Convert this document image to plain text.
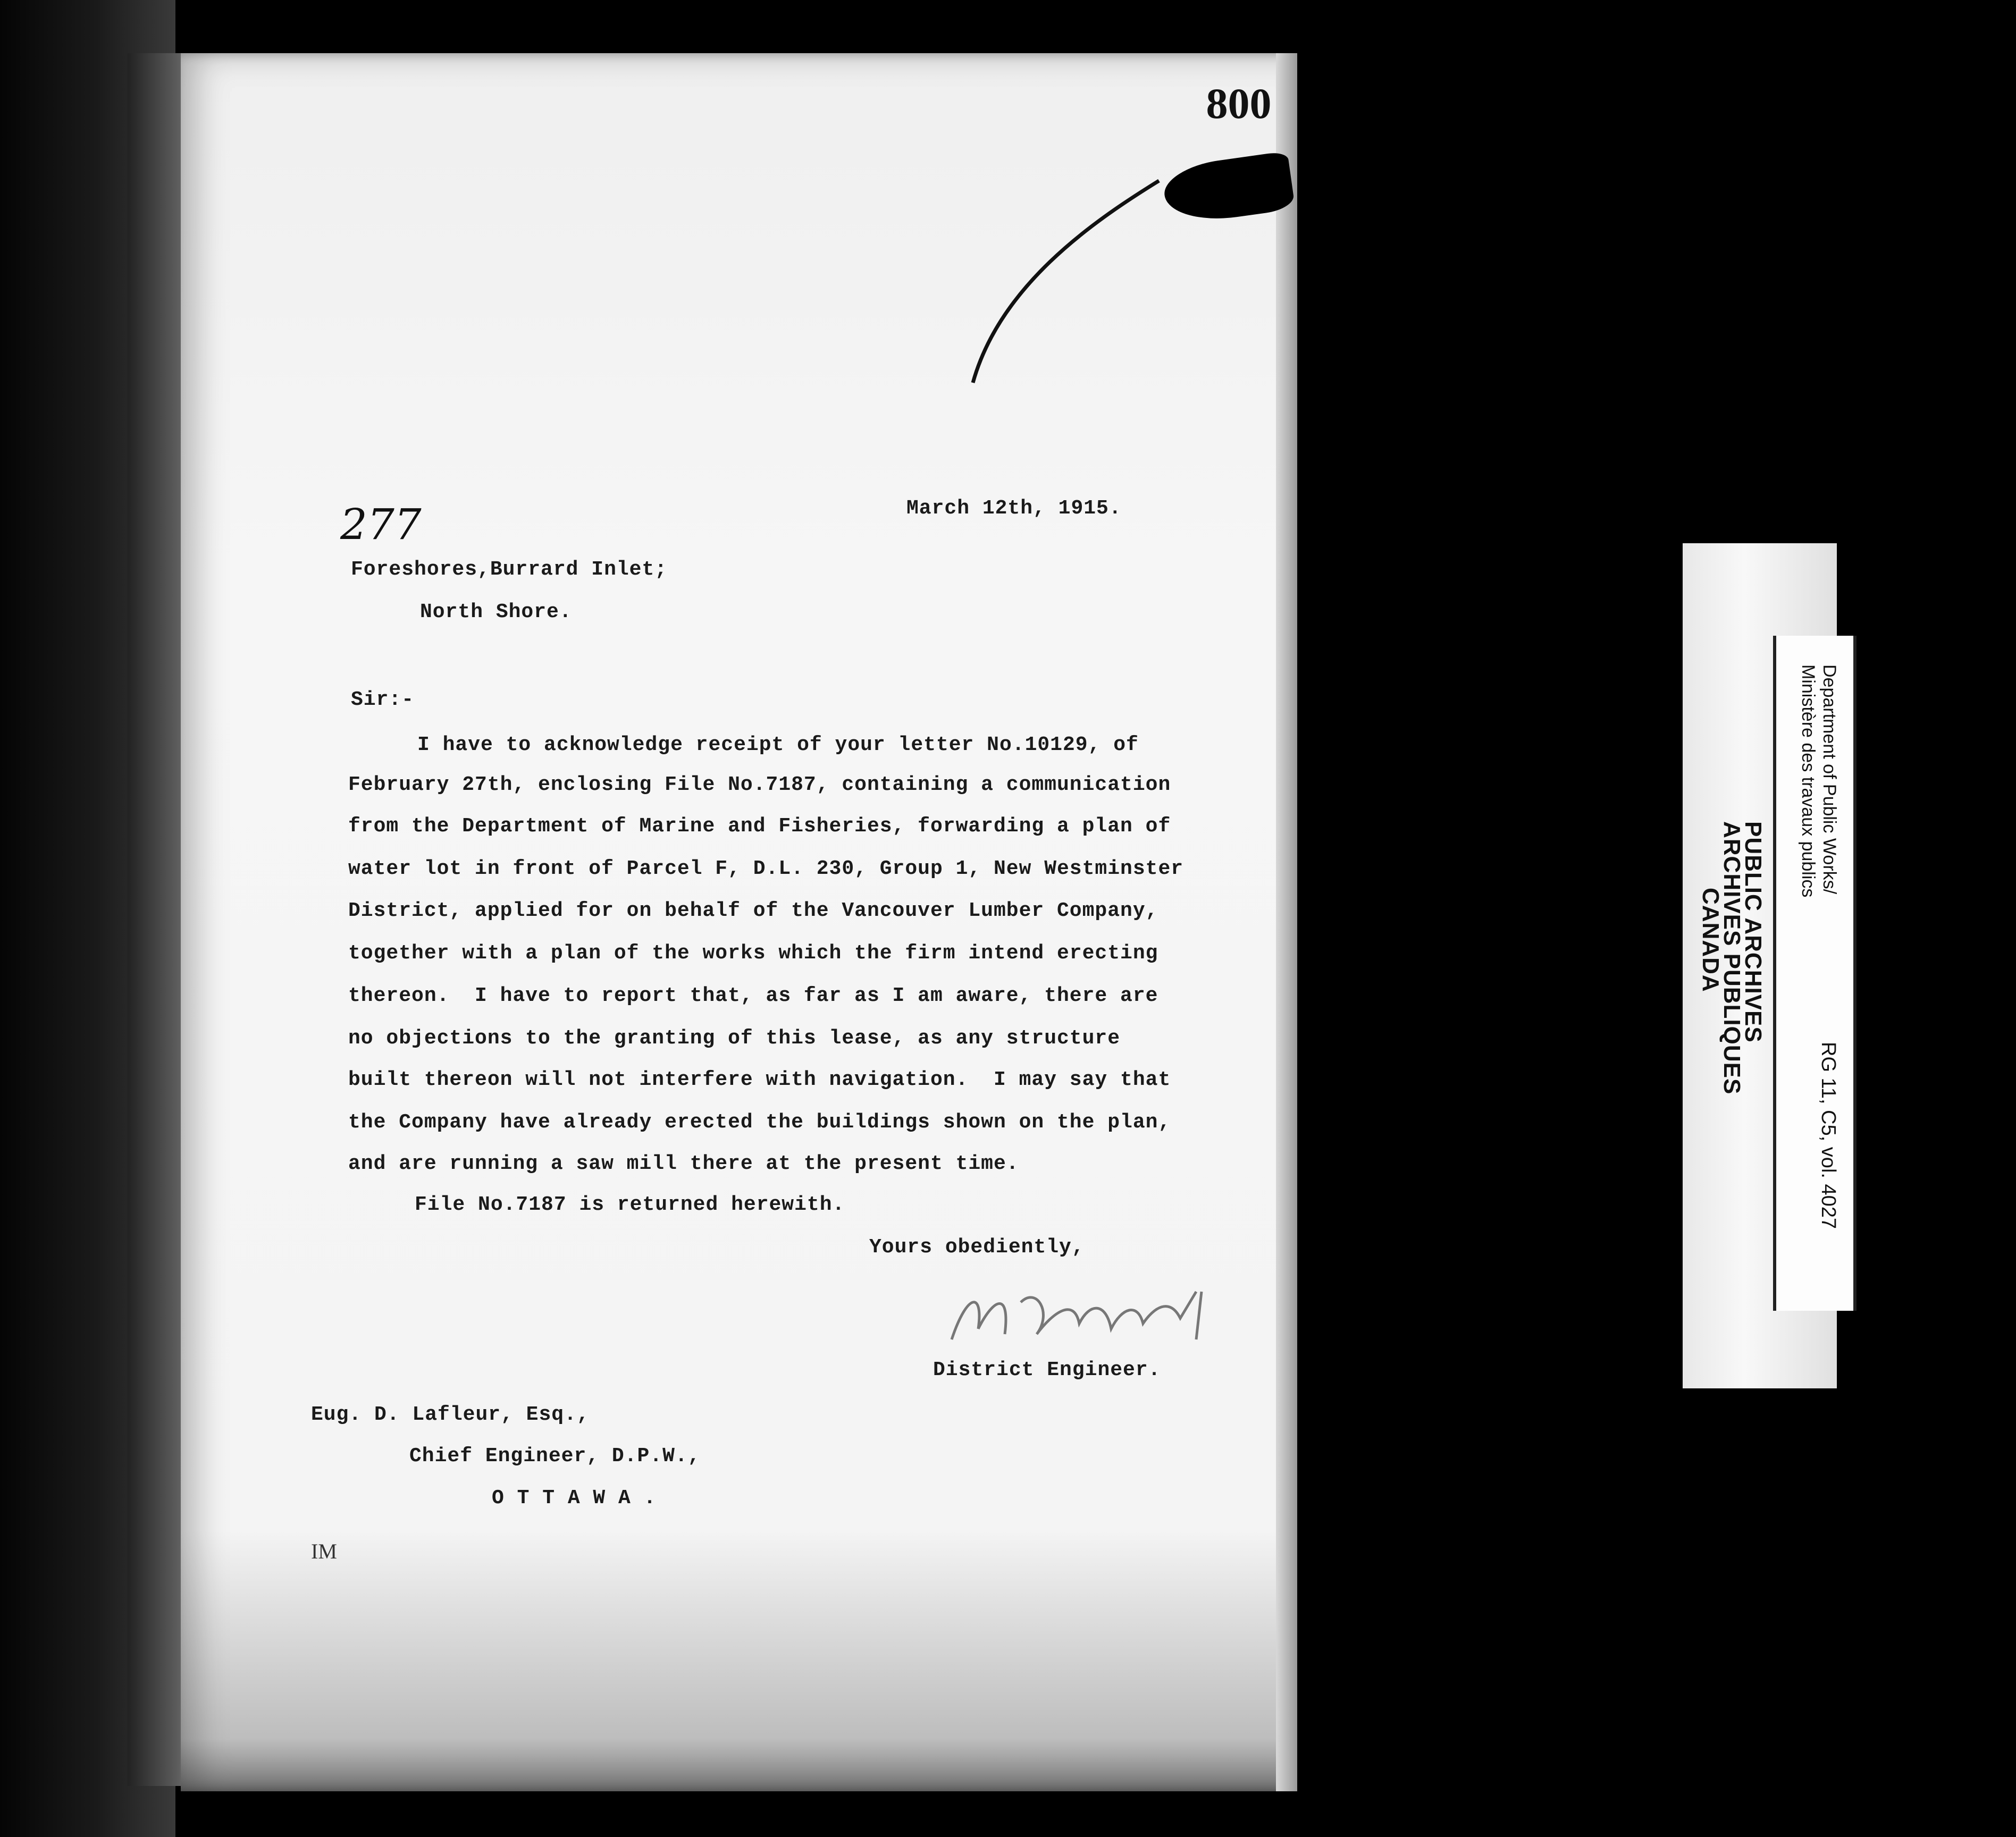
800
277	March 12th, 1915.
Foreshores,Burrard Inlet;
North Shore.
Sir:-
I have to acknowledge receipt of your letter No.10129, of
February 27th, enclosing File No.7187, containing a communication
from the Department of Marine and Fisheries, forwarding a plan of
water lot in front of Parcel F, D.L. 230, Group 1, New Westminster
District, applied for on behalf of the Vancouver Lumber Company,
together with a plan of the works which the firm intend erecting
thereon.  I have to report that, as far as I am aware, there are
no objections to the granting of this lease, as any structure
built thereon will not interfere with navigation.  I may say that
the Company have already erected the buildings shown on the plan,
and are running a saw mill there at the present time.
File No.7187 is returned herewith.
Yours obediently,
District Engineer.
Eug. D. Lafleur, Esq.,
Chief Engineer, D.P.W.,
O T T A W A .
IM
Department of Public Works/
Ministère des travaux publics
PUBLIC ARCHIVES
ARCHIVES PUBLIQUES
CANADA
RG 11, C5, vol. 4027
